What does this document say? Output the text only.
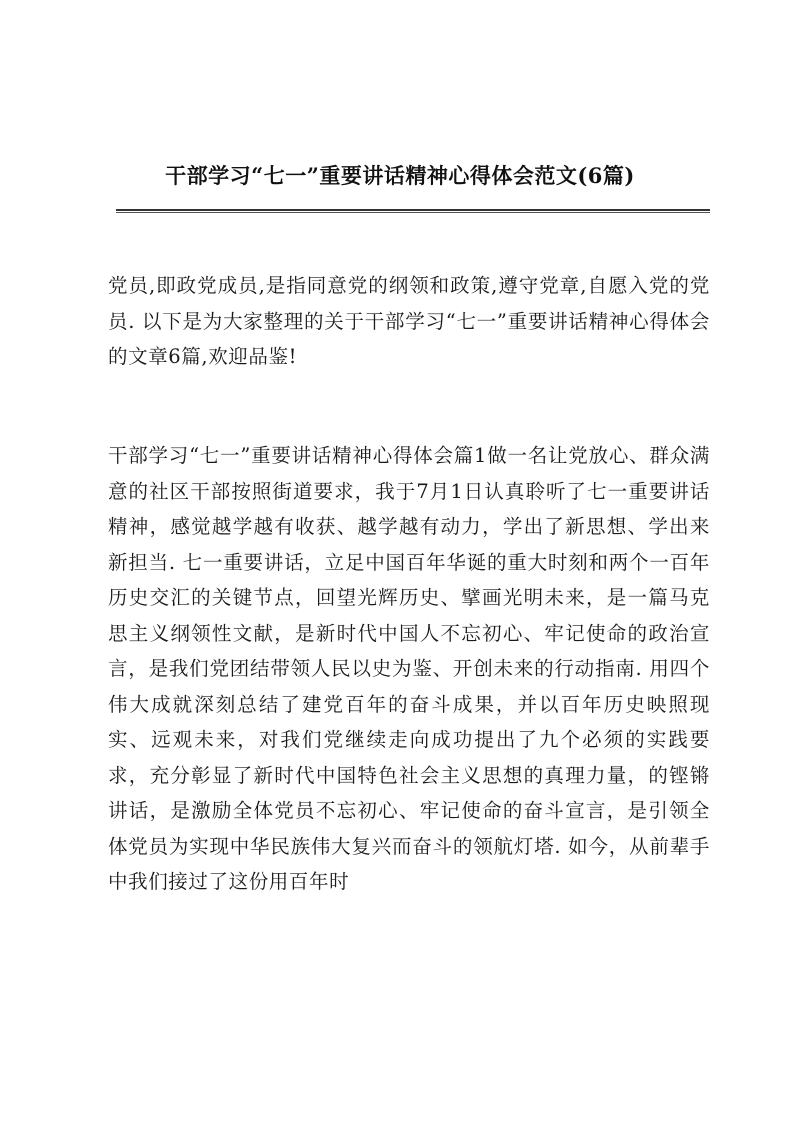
干部学习“七一”重要讲话精神心得体会范文(6篇)

党员,即政党成员,是指同意党的纲领和政策,遵守党章,自愿入党的党员. 以下是为大家整理的关于干部学习“七一”重要讲话精神心得体会的文章6篇,欢迎品鉴!

干部学习“七一”重要讲话精神心得体会篇1做一名让党放心、群众满意的社区干部按照街道要求，我于7月1日认真聆听了七一重要讲话精神，感觉越学越有收获、越学越有动力，学出了新思想、学出来新担当. 七一重要讲话，立足中国百年华诞的重大时刻和两个一百年历史交汇的关键节点，回望光辉历史、擘画光明未来，是一篇马克思主义纲领性文献，是新时代中国人不忘初心、牢记使命的政治宣言，是我们党团结带领人民以史为鉴、开创未来的行动指南. 用四个伟大成就深刻总结了建党百年的奋斗成果，并以百年历史映照现实、远观未来，对我们党继续走向成功提出了九个必须的实践要求，充分彰显了新时代中国特色社会主义思想的真理力量，的铿锵讲话，是激励全体党员不忘初心、牢记使命的奋斗宣言，是引领全体党员为实现中华民族伟大复兴而奋斗的领航灯塔. 如今，从前辈手中我们接过了这份用百年时
